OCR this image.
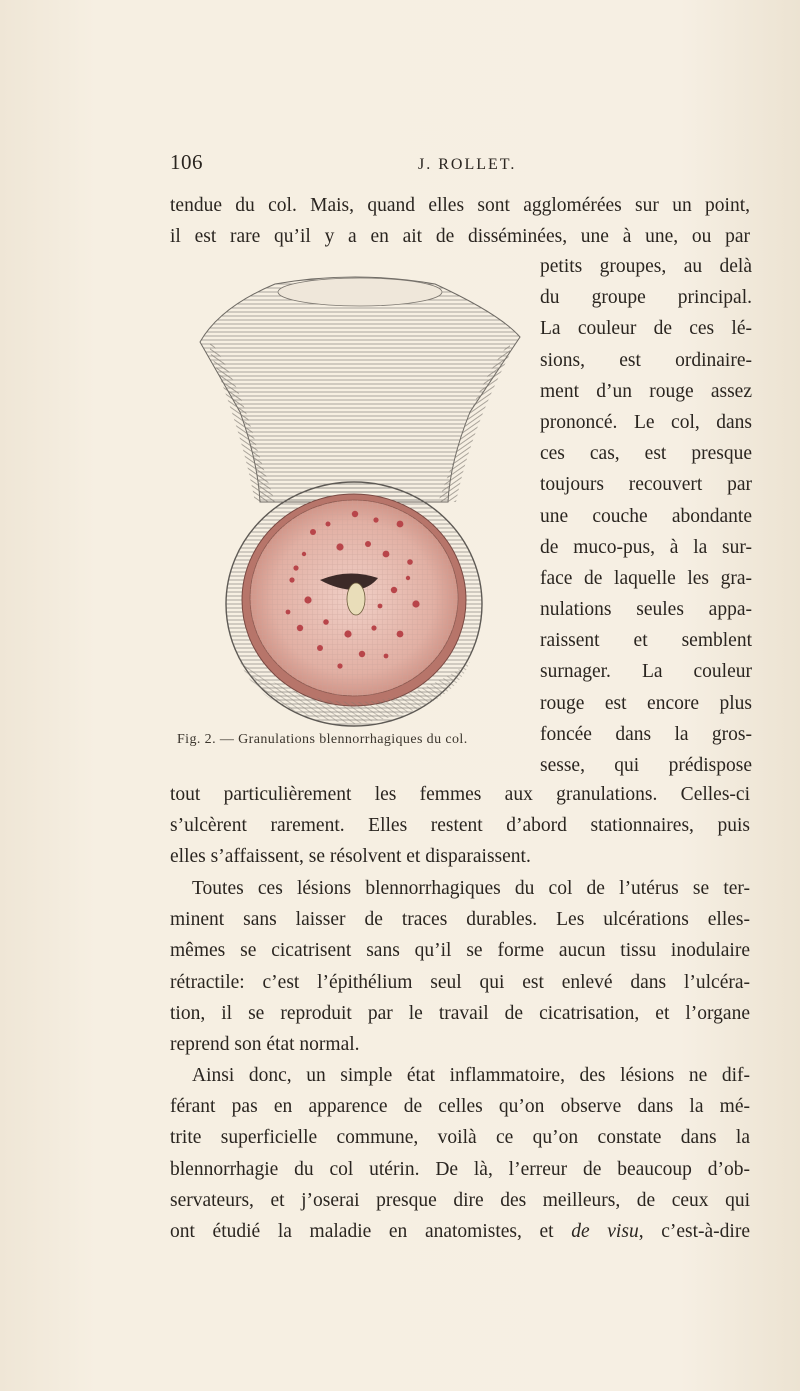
106	J. ROLLET.
tendue du col. Mais, quand elles sont agglomérées sur un point,
il est rare qu’il y a en ait de disséminées, une à une, ou par
petits groupes, au delà
du groupe principal.
La couleur de ces lé-
sions, est ordinaire-
ment d’un rouge assez
prononcé. Le col, dans
ces cas, est presque
toujours recouvert par
une couche abondante
de muco-pus, à la sur-
face de laquelle les gra-
nulations seules appa-
raissent et semblent
surnager. La couleur
rouge est encore plus
foncée dans la gros-
sesse, qui prédispose
Fig. 2. — Granulations blennorrhagiques du col.
tout particulièrement les femmes aux granulations. Celles-ci
s’ulcèrent rarement. Elles restent d’abord stationnaires, puis
elles s’affaissent, se résolvent et disparaissent.
Toutes ces lésions blennorrhagiques du col de l’utérus se ter-
minent sans laisser de traces durables. Les ulcérations elles-
mêmes se cicatrisent sans qu’il se forme aucun tissu inodulaire
rétractile: c’est l’épithélium seul qui est enlevé dans l’ulcéra-
tion, il se reproduit par le travail de cicatrisation, et l’organe
reprend son état normal.
Ainsi donc, un simple état inflammatoire, des lésions ne dif-
férant pas en apparence de celles qu’on observe dans la mé-
trite superficielle commune, voilà ce qu’on constate dans la
blennorrhagie du col utérin. De là, l’erreur de beaucoup d’ob-
servateurs, et j’oserai presque dire des meilleurs, de ceux qui
ont étudié la maladie en anatomistes, et de visu, c’est-à-dire
